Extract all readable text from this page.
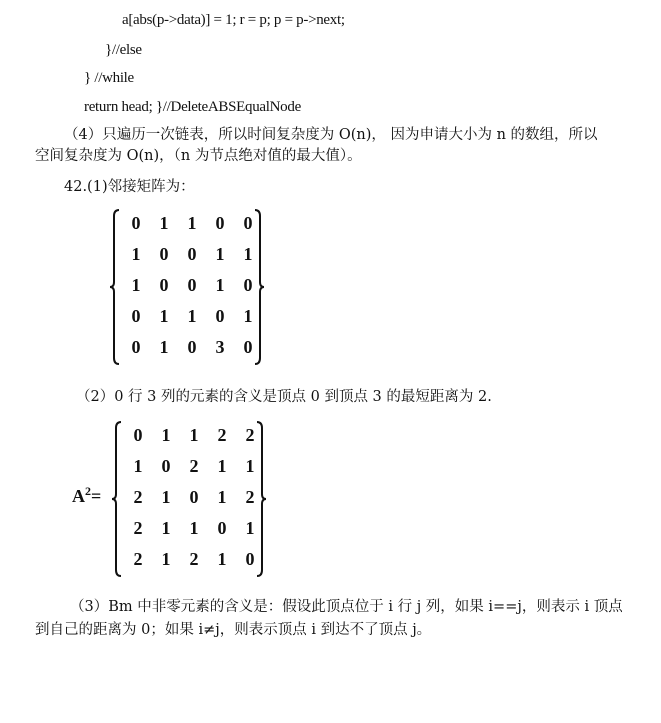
a[abs(p->data)] = 1; r = p; p = p->next;
}//else
} //while
return head; }//DeleteABSEqualNode
（4）只遍历一次链表，所以时间复杂度为 O(n)， 因为申请大小为 n 的数组，所以
空间复杂度为 O(n)，（n 为节点绝对值的最大值）。
42.(1)邻接矩阵为：
0	1	1	0	0
1	0	0	1	1
1	0	0	1	0
0	1	1	0	1
0	1	0	3	0
（2）0 行 3 列的元素的含义是顶点 0 到顶点 3 的最短距离为 2.
$A^2=$
0	1	1	2	2
1	0	2	1	1
2	1	0	1	2
2	1	1	0	1
2	1	2	1	0
（3）Bm 中非零元素的含义是：假设此顶点位于 i 行 j 列，如果 i==j，则表示 i 顶点
到自己的距离为 0；如果 i≠j，则表示顶点 i 到达不了顶点 j。
